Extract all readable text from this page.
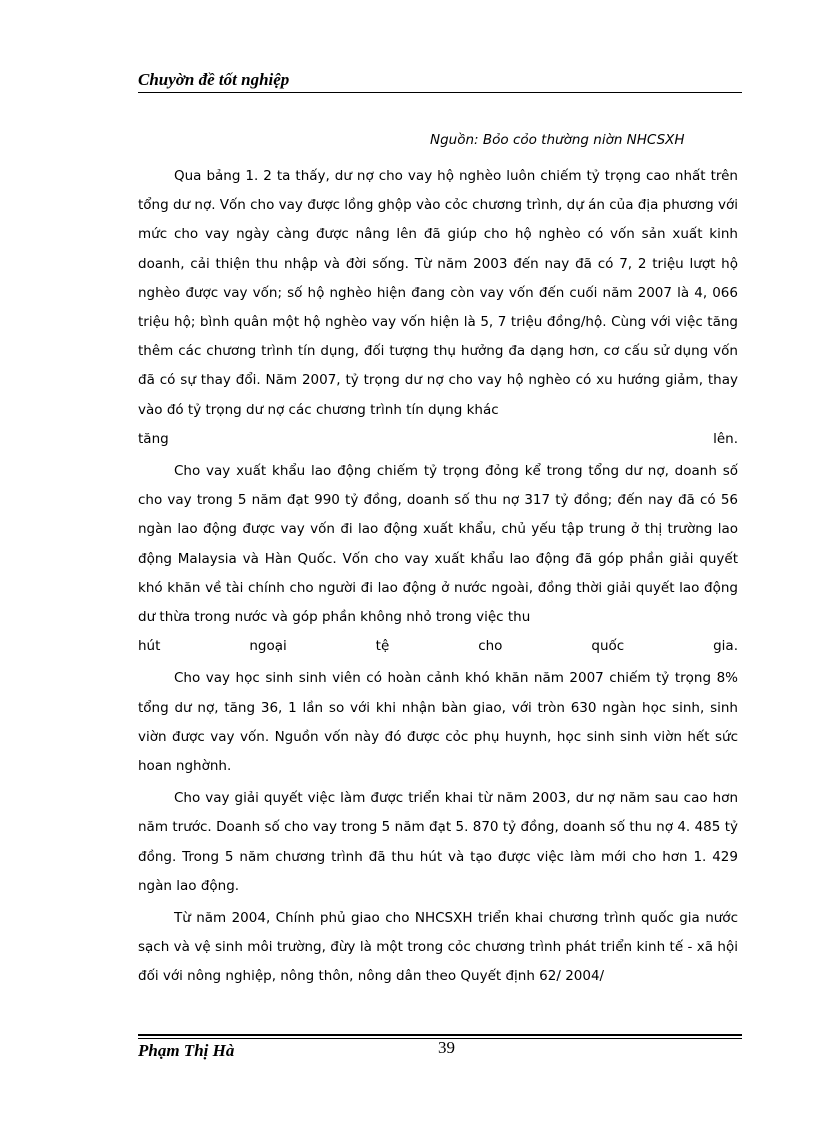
Chuyờn đề tốt nghiệp
Nguồn: Bỏo cỏo thường niờn NHCSXH

Qua bảng 1. 2 ta thấy, dư nợ cho vay hộ nghèo luôn chiếm tỷ trọng cao nhất trên tổng dư nợ. Vốn cho vay được lồng ghộp vào cỏc chương trình, dự án của địa phương với mức cho vay ngày càng được nâng lên đã giúp cho hộ nghèo có vốn sản xuất kinh doanh, cải thiện thu nhập và đời sống. Từ năm 2003 đến nay đã có 7, 2 triệu lượt hộ nghèo được vay vốn; số hộ nghèo hiện đang còn vay vốn đến cuối năm 2007 là 4, 066 triệu hộ; bình quân một hộ nghèo vay vốn hiện là 5, 7 triệu đồng/hộ. Cùng với việc tăng thêm các chương trình tín dụng, đối tượng thụ hưởng đa dạng hơn, cơ cấu sử dụng vốn đã có sự thay đổi. Năm 2007, tỷ trọng dư nợ cho vay hộ nghèo có xu hướng giảm, thay vào đó tỷ trọng dư nợ các chương trình tín dụng khác

tăng	lên.

Cho vay xuất khẩu lao động chiếm tỷ trọng đỏng kể trong tổng dư nợ, doanh số cho vay trong 5 năm đạt 990 tỷ đồng, doanh số thu nợ 317 tỷ đồng; đến nay đã có 56 ngàn lao động được vay vốn đi lao động xuất khẩu, chủ yếu tập trung ở thị trường lao động Malaysia và Hàn Quốc. Vốn cho vay xuất khẩu lao động đã góp phần giải quyết khó khăn về tài chính cho người đi lao động ở nước ngoài, đồng thời giải quyết lao động dư thừa trong nước và góp phần không nhỏ trong việc thu

hút	ngoại	tệ	cho	quốc	gia.

Cho vay học sinh sinh viên có hoàn cảnh khó khăn năm 2007 chiếm tỷ trọng 8% tổng dư nợ, tăng 36, 1 lần so với khi nhận bàn giao, với tròn 630 ngàn học sinh, sinh viờn được vay vốn. Nguồn vốn này đó được cỏc phụ huynh, học sinh sinh viờn hết sức hoan nghờnh.

Cho vay giải quyết việc làm được triển khai từ năm 2003, dư nợ năm sau cao hơn năm trước. Doanh số cho vay trong 5 năm đạt 5. 870 tỷ đồng, doanh số thu nợ 4. 485 tỷ đồng. Trong 5 năm chương trình đã thu hút và tạo được việc làm mới cho hơn 1. 429 ngàn lao động.

Từ năm 2004, Chính phủ giao cho NHCSXH triển khai chương trình quốc gia nước sạch và vệ sinh môi trường, đừy là một trong cỏc chương trình phát triển kinh tế - xã hội đối với nông nghiệp, nông thôn, nông dân theo Quyết định 62/ 2004/

Phạm Thị Hà	39
